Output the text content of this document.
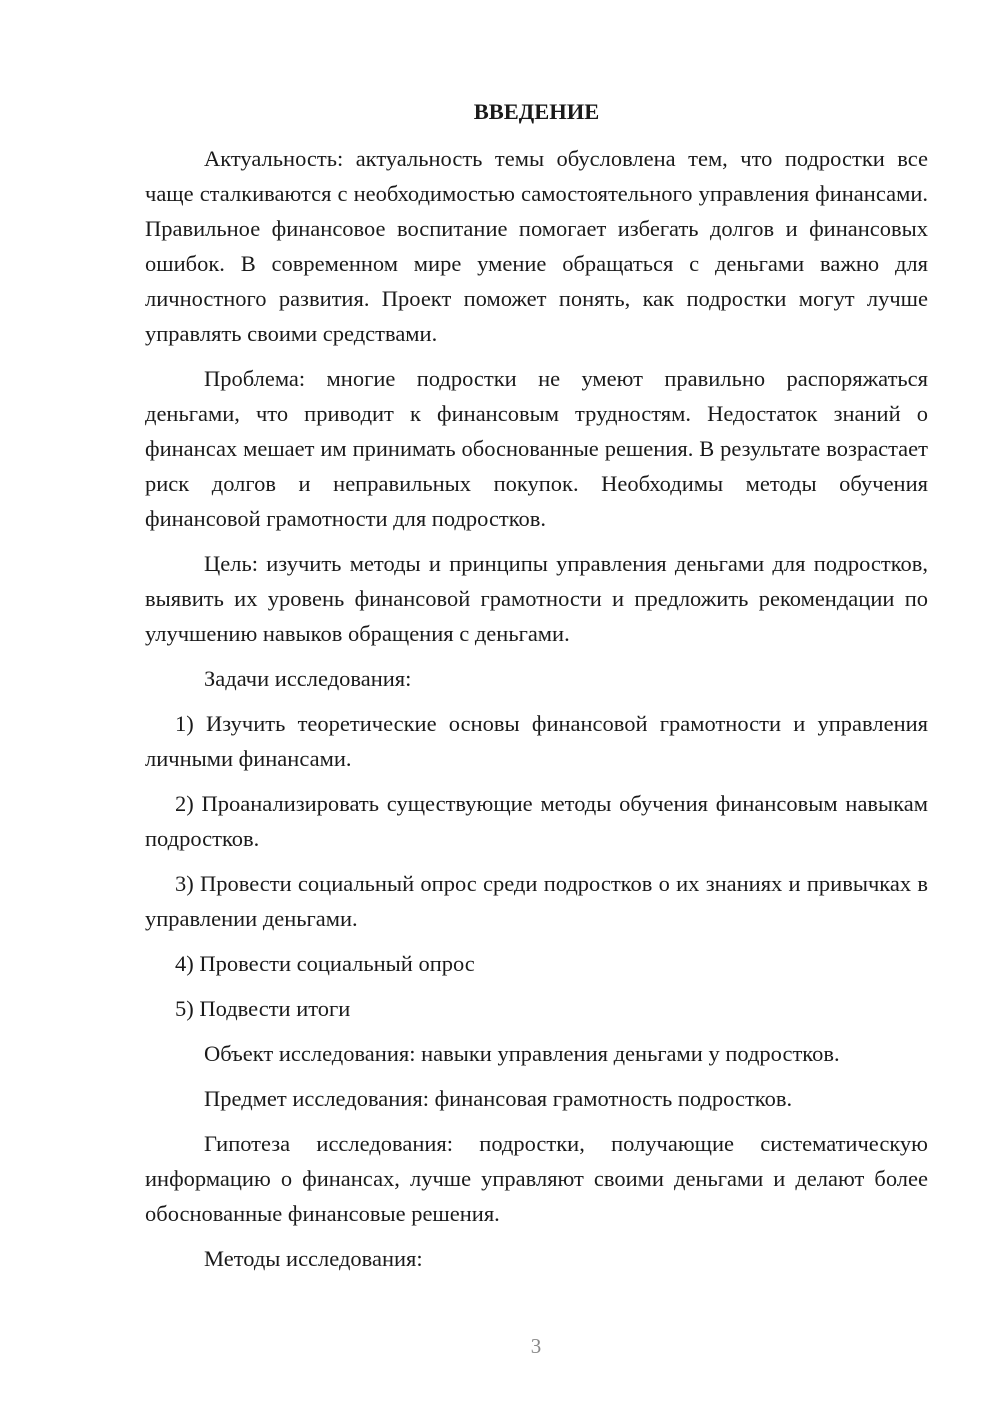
ВВЕДЕНИЕ

Актуальность: актуальность темы обусловлена тем, что подростки все чаще сталкиваются с необходимостью самостоятельного управления финансами. Правильное финансовое воспитание помогает избегать долгов и финансовых ошибок. В современном мире умение обращаться с деньгами важно для личностного развития. Проект поможет понять, как подростки могут лучше управлять своими средствами.

Проблема: многие подростки не умеют правильно распоряжаться деньгами, что приводит к финансовым трудностям. Недостаток знаний о финансах мешает им принимать обоснованные решения. В результате возрастает риск долгов и неправильных покупок. Необходимы методы обучения финансовой грамотности для подростков.

Цель: изучить методы и принципы управления деньгами для подростков, выявить их уровень финансовой грамотности и предложить рекомендации по улучшению навыков обращения с деньгами.

Задачи исследования:

1) Изучить теоретические основы финансовой грамотности и управления личными финансами.

2) Проанализировать существующие методы обучения финансовым навыкам подростков.

3) Провести социальный опрос среди подростков о их знаниях и привычках в управлении деньгами.

4) Провести социальный опрос

5) Подвести итоги

Объект исследования: навыки управления деньгами у подростков.

Предмет исследования: финансовая грамотность подростков.

Гипотеза исследования: подростки, получающие систематическую информацию о финансах, лучше управляют своими деньгами и делают более обоснованные финансовые решения.

Методы исследования:

3
